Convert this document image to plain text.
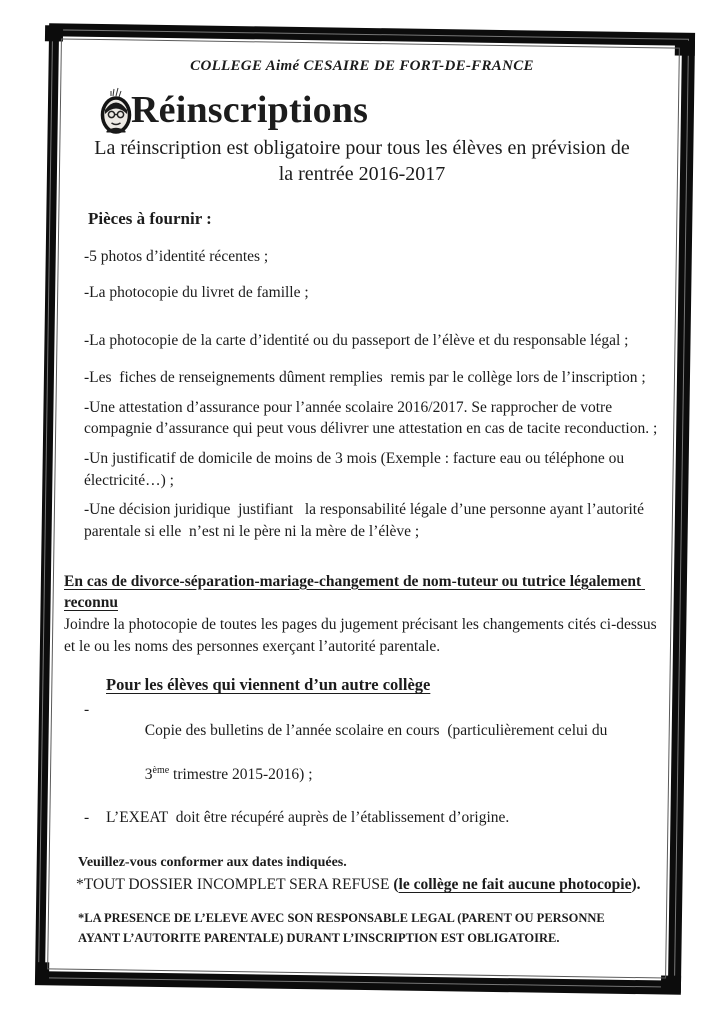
COLLEGE Aimé CESAIRE DE FORT-DE-FRANCE
Réinscriptions
La réinscription est obligatoire pour tous les élèves en prévision de
la rentrée 2016-2017
Pièces à fournir :
-5 photos d’identité récentes ;
-La photocopie du livret de famille ;
-La photocopie de la carte d’identité ou du passeport de l’élève et du responsable légal ;
-Les  fiches de renseignements dûment remplies  remis par le collège lors de l’inscription ;
-Une attestation d’assurance pour l’année scolaire 2016/2017. Se rapprocher de votre compagnie d’assurance qui peut vous délivrer une attestation en cas de tacite reconduction. ;
-Un justificatif de domicile de moins de 3 mois (Exemple : facture eau ou téléphone ou électricité…) ;
-Une décision juridique  justifiant   la responsabilité légale d’une personne ayant l’autorité parentale si elle  n’est ni le père ni la mère de l’élève ;
En cas de divorce-séparation-mariage-changement de nom-tuteur ou tutrice légalement reconnu
Joindre la photocopie de toutes les pages du jugement précisant les changements cités ci-dessus et le ou les noms des personnes exerçant l’autorité parentale.
Pour les élèves qui viennent d’un autre collège
-

Copie des bulletins de l’année scolaire en cours  (particulièrement celui du

3ème trimestre 2015-2016) ;

-	L’EXEAT  doit être récupéré auprès de l’établissement d’origine.
Veuillez-vous conformer aux dates indiquées.
*TOUT DOSSIER INCOMPLET SERA REFUSE (le collège ne fait aucune photocopie).
*LA PRESENCE DE L’ELEVE AVEC SON RESPONSABLE LEGAL (PARENT OU PERSONNE AYANT L’AUTORITE PARENTALE) DURANT L’INSCRIPTION EST OBLIGATOIRE.
